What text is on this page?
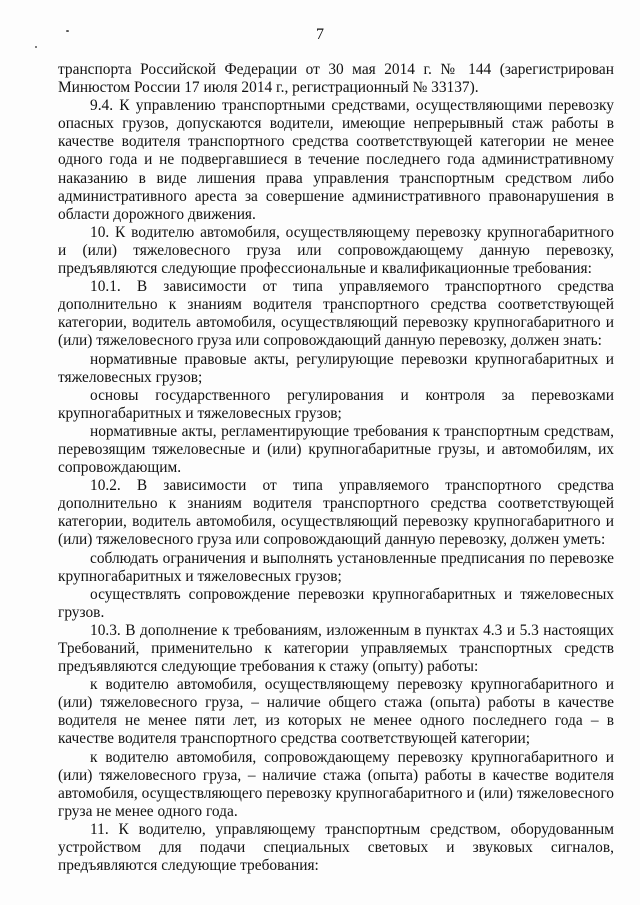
7

транспорта Российской Федерации от 30 мая 2014 г. № 144 (зарегистрирован Минюстом России 17 июля 2014 г., регистрационный № 33137).

9.4. К управлению транспортными средствами, осуществляющими перевозку опасных грузов, допускаются водители, имеющие непрерывный стаж работы в качестве водителя транспортного средства соответствующей категории не менее одного года и не подвергавшиеся в течение последнего года административному наказанию в виде лишения права управления транспортным средством либо административного ареста за совершение административного правонарушения в области дорожного движения.

10. К водителю автомобиля, осуществляющему перевозку крупногабаритного и (или) тяжеловесного груза или сопровождающему данную перевозку, предъявляются следующие профессиональные и квалификационные требования:

10.1. В зависимости от типа управляемого транспортного средства дополнительно к знаниям водителя транспортного средства соответствующей категории, водитель автомобиля, осуществляющий перевозку крупногабаритного и (или) тяжеловесного груза или сопровождающий данную перевозку, должен знать:

нормативные правовые акты, регулирующие перевозки крупногабаритных и тяжеловесных грузов;

основы государственного регулирования и контроля за перевозками крупногабаритных и тяжеловесных грузов;

нормативные акты, регламентирующие требования к транспортным средствам, перевозящим тяжеловесные и (или) крупногабаритные грузы, и автомобилям, их сопровождающим.

10.2. В зависимости от типа управляемого транспортного средства дополнительно к знаниям водителя транспортного средства соответствующей категории, водитель автомобиля, осуществляющий перевозку крупногабаритного и (или) тяжеловесного груза или сопровождающий данную перевозку, должен уметь:

соблюдать ограничения и выполнять установленные предписания по перевозке крупногабаритных и тяжеловесных грузов;

осуществлять сопровождение перевозки крупногабаритных и тяжеловесных грузов.

10.3. В дополнение к требованиям, изложенным в пунктах 4.3 и 5.3 настоящих Требований, применительно к категории управляемых транспортных средств предъявляются следующие требования к стажу (опыту) работы:

к водителю автомобиля, осуществляющему перевозку крупногабаритного и (или) тяжеловесного груза, – наличие общего стажа (опыта) работы в качестве водителя не менее пяти лет, из которых не менее одного последнего года – в качестве водителя транспортного средства соответствующей категории;

к водителю автомобиля, сопровождающему перевозку крупногабаритного и (или) тяжеловесного груза, – наличие стажа (опыта) работы в качестве водителя автомобиля, осуществляющего перевозку крупногабаритного и (или) тяжеловесного груза не менее одного года.

11. К водителю, управляющему транспортным средством, оборудованным устройством для подачи специальных световых и звуковых сигналов, предъявляются следующие требования:
